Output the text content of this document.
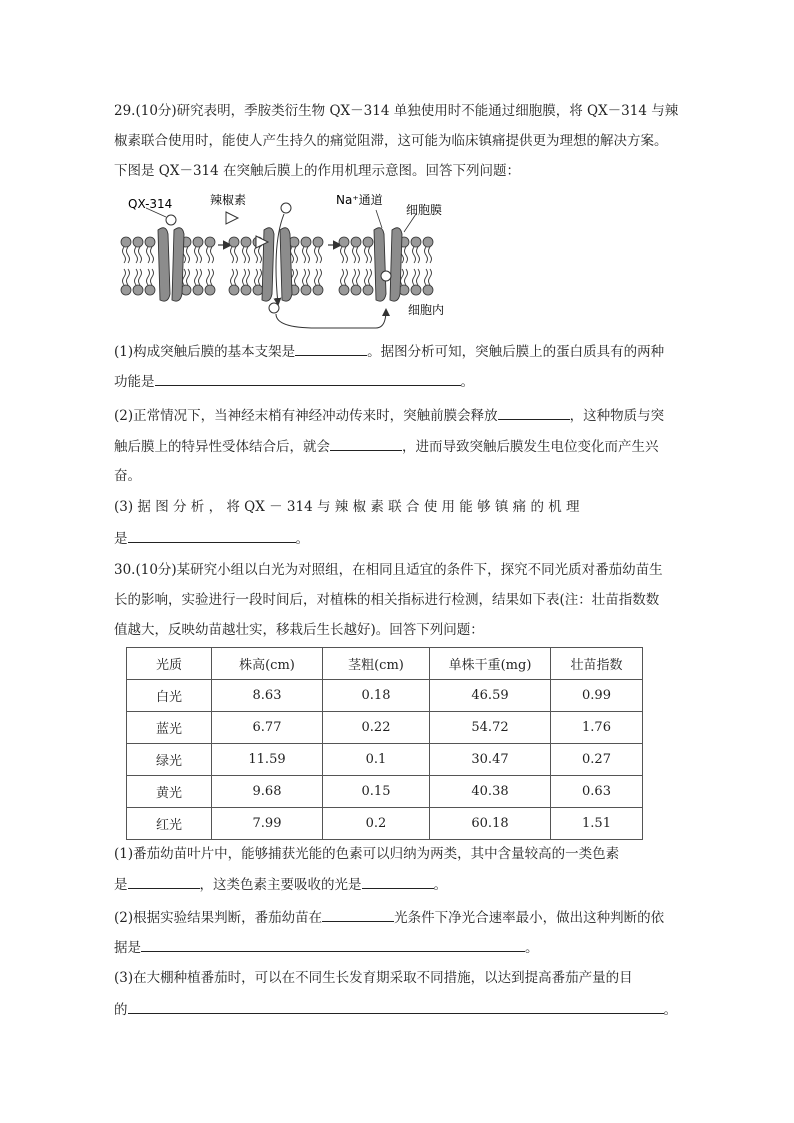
29.(10分)研究表明，季胺类衍生物 QX－314 单独使用时不能通过细胞膜，将 QX－314 与辣
椒素联合使用时，能使人产生持久的痛觉阻滞，这可能为临床镇痛提供更为理想的解决方案。
下图是 QX－314 在突触后膜上的作用机理示意图。回答下列问题：
QX-314	辣椒素	Na⁺通道
细胞膜
细胞内
(1)构成突触后膜的基本支架是	。据图分析可知，突触后膜上的蛋白质具有的两种
功能是	。
(2)正常情况下，当神经末梢有神经冲动传来时，突触前膜会释放	，这种物质与突
触后膜上的特异性受体结合后，就会	，进而导致突触后膜发生电位变化而产生兴
奋。
(3) 据 图 分 析 ， 将 QX － 314 与 辣 椒 素 联 合 使 用 能 够 镇 痛 的 机 理
是	。
30.(10分)某研究小组以白光为对照组，在相同且适宜的条件下，探究不同光质对番茄幼苗生
长的影响，实验进行一段时间后，对植株的相关指标进行检测，结果如下表(注：壮苗指数数
值越大，反映幼苗越壮实，移栽后生长越好)。回答下列问题：
光质	株高(cm)	茎粗(cm)	单株干重(mg)	壮苗指数
白光	8.63	0.18	46.59	0.99
蓝光	6.77	0.22	54.72	1.76
绿光	11.59	0.1	30.47	0.27
黄光	9.68	0.15	40.38	0.63
红光	7.99	0.2	60.18	1.51
(1)番茄幼苗叶片中，能够捕获光能的色素可以归纳为两类，其中含量较高的一类色素
是	，这类色素主要吸收的光是	。
(2)根据实验结果判断，番茄幼苗在	光条件下净光合速率最小，做出这种判断的依
据是	。
(3)在大棚种植番茄时，可以在不同生长发育期采取不同措施，以达到提高番茄产量的目
的	。
